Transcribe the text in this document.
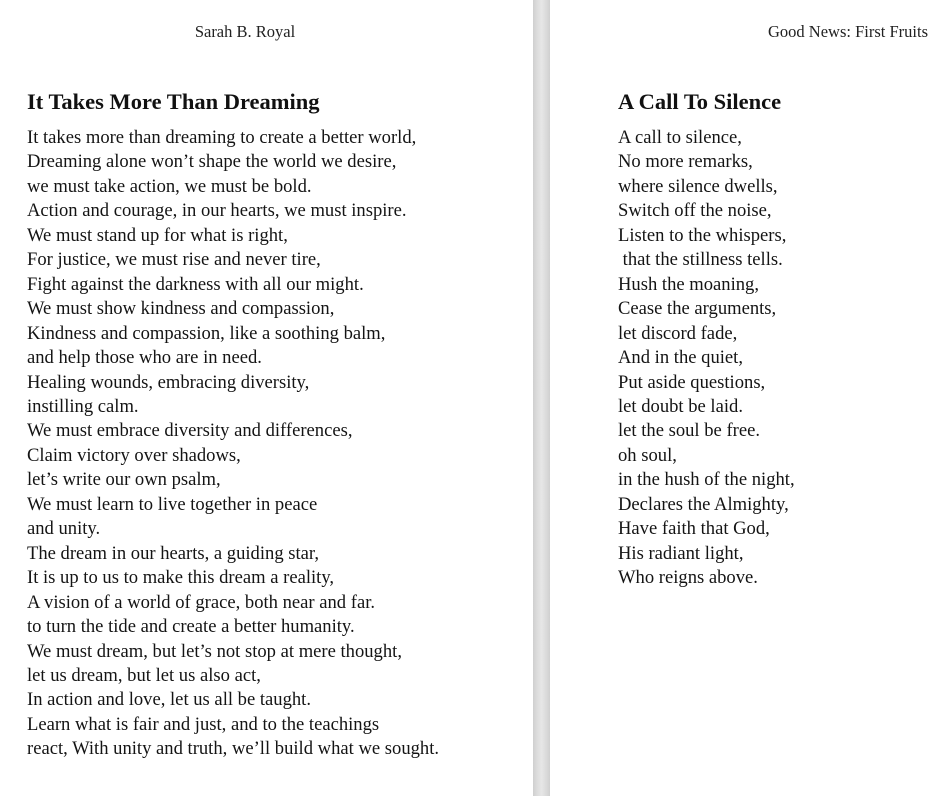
Sarah B. Royal
It Takes More Than Dreaming
It takes more than dreaming to create a better world,
Dreaming alone won’t shape the world we desire,
we must take action, we must be bold.
Action and courage, in our hearts, we must inspire.
We must stand up for what is right,
For justice, we must rise and never tire,
Fight against the darkness with all our might.
We must show kindness and compassion,
Kindness and compassion, like a soothing balm,
and help those who are in need.
Healing wounds, embracing diversity,
instilling calm.
We must embrace diversity and differences,
Claim victory over shadows,
let’s write our own psalm,
We must learn to live together in peace
and unity.
The dream in our hearts, a guiding star,
It is up to us to make this dream a reality,
A vision of a world of grace, both near and far.
to turn the tide and create a better humanity.
We must dream, but let’s not stop at mere thought,
let us dream, but let us also act,
In action and love, let us all be taught.
Learn what is fair and just, and to the teachings
react, With unity and truth, we’ll build what we sought.
Good News: First Fruits
A Call To Silence
A call to silence,
No more remarks,
where silence dwells,
Switch off the noise,
Listen to the whispers,
that the stillness tells.
Hush the moaning,
Cease the arguments,
let discord fade,
And in the quiet,
Put aside questions,
let doubt be laid.
let the soul be free.
oh soul,
in the hush of the night,
Declares the Almighty,
Have faith that God,
His radiant light,
Who reigns above.
